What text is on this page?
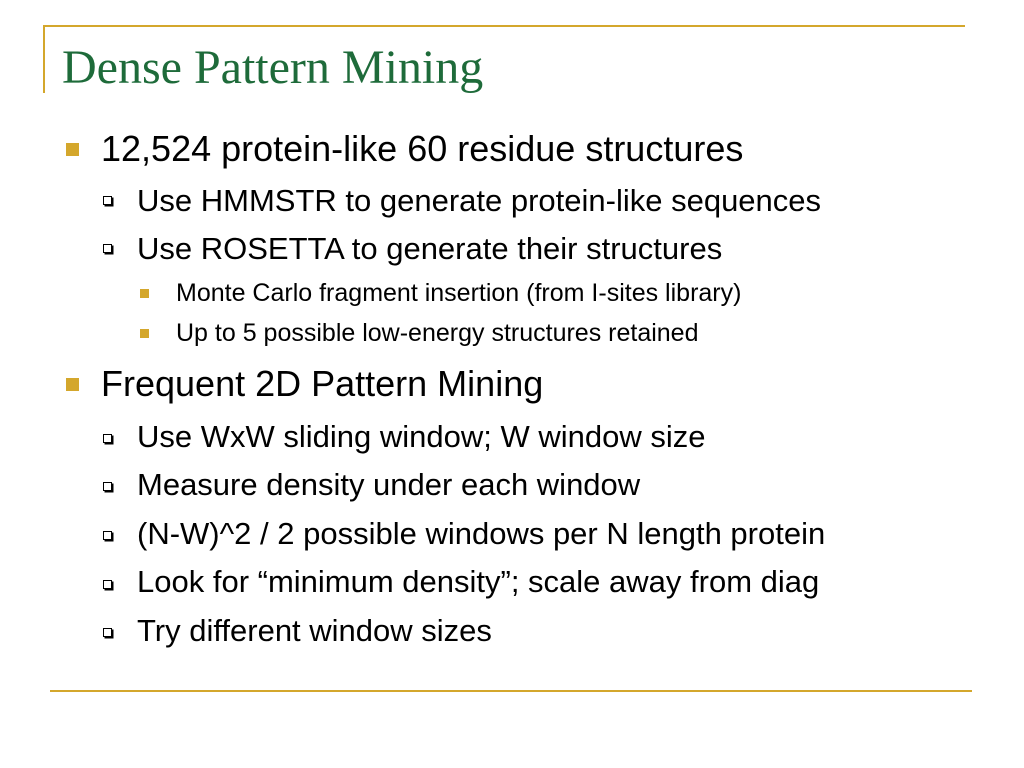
Dense Pattern Mining
12,524 protein-like 60 residue structures
Use HMMSTR to generate protein-like sequences
Use ROSETTA to generate their structures
Monte Carlo fragment insertion (from I-sites library)
Up to 5 possible low-energy structures retained
Frequent 2D Pattern Mining
Use WxW sliding window; W window size
Measure density under each window
(N-W)^2 / 2 possible windows per N length protein
Look for “minimum density”; scale away from diag
Try different window sizes
